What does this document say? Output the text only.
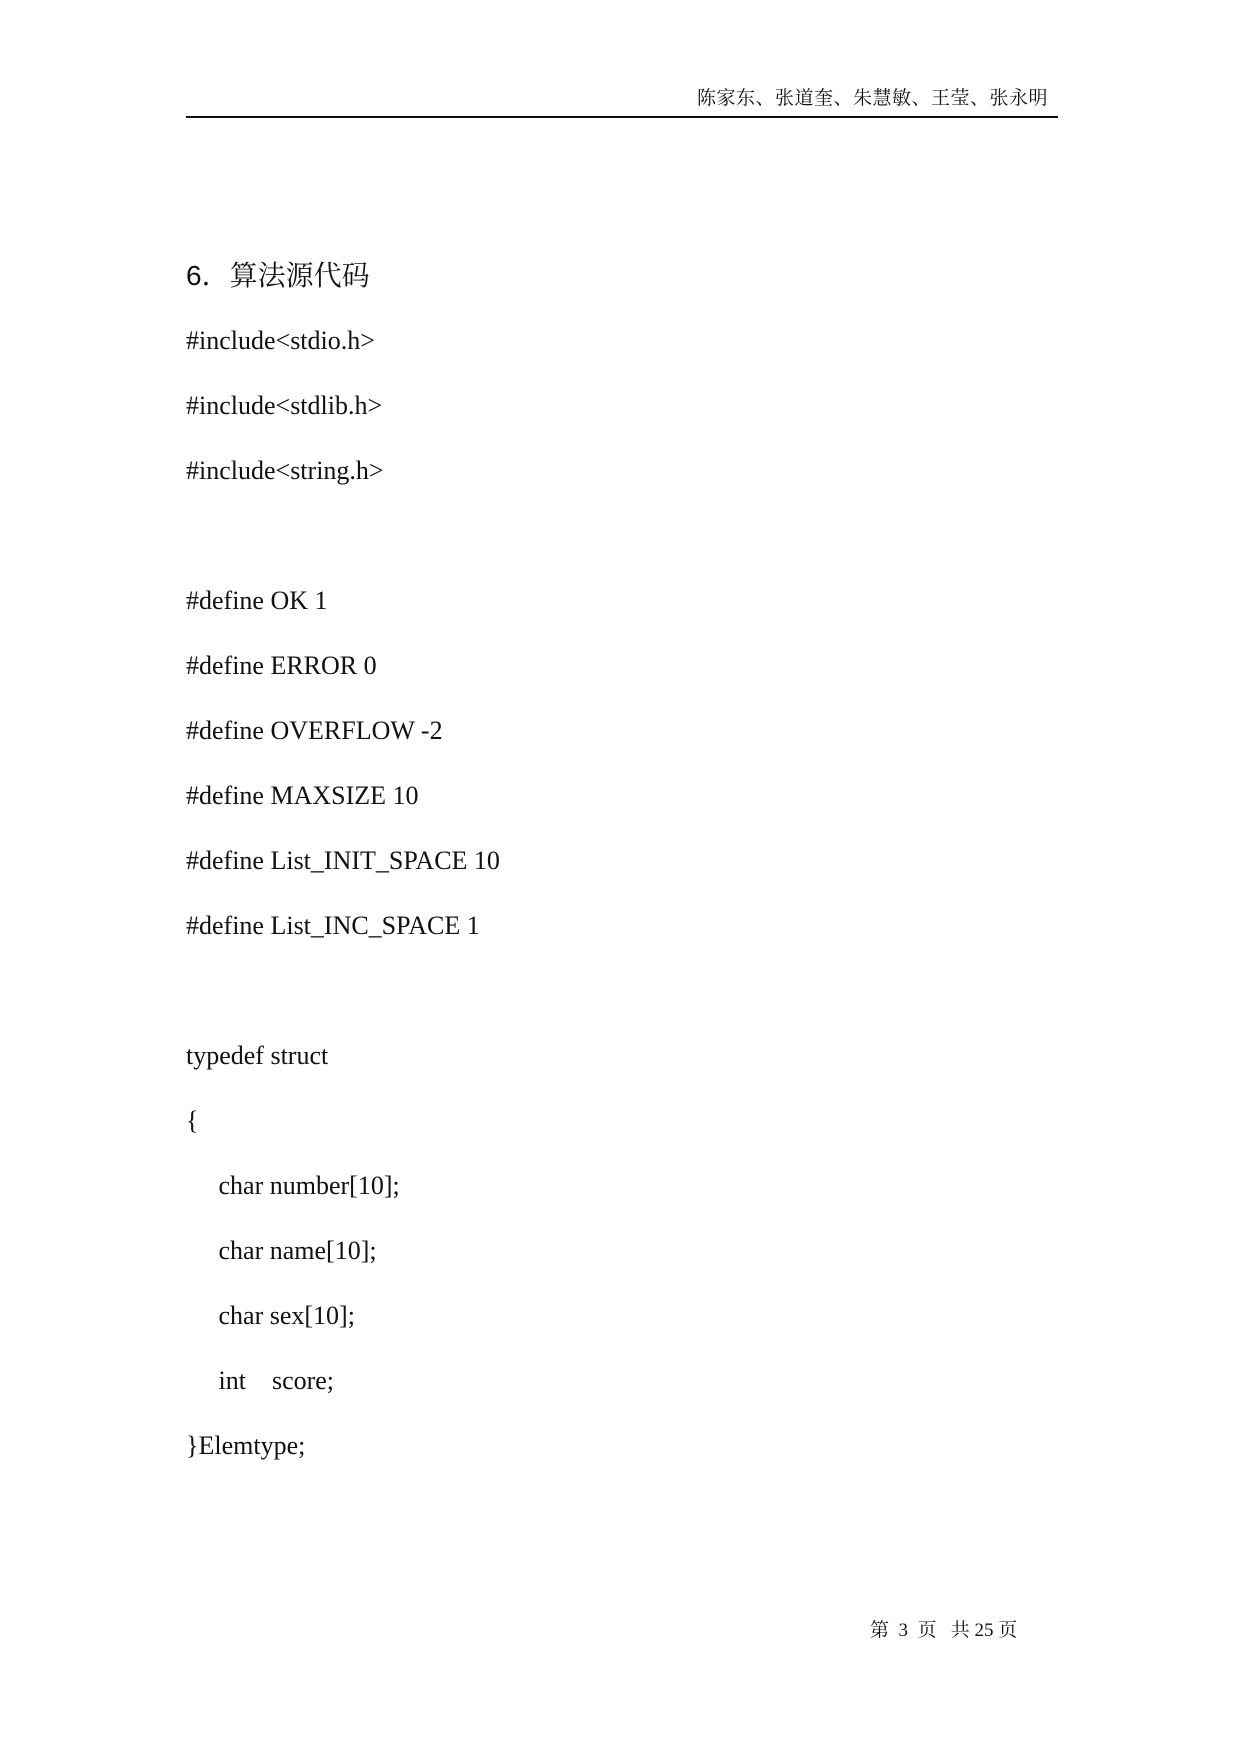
陈家东、张道奎、朱慧敏、王莹、张永明
6．算法源代码
#include<stdio.h>
#include<stdlib.h>
#include<string.h>
#define OK 1
#define ERROR 0
#define OVERFLOW -2
#define MAXSIZE 10
#define List_INIT_SPACE 10
#define List_INC_SPACE 1
typedef struct
{
char number[10];
char name[10];
char sex[10];
int    score;
}Elemtype;
第  3  页   共 25 页
